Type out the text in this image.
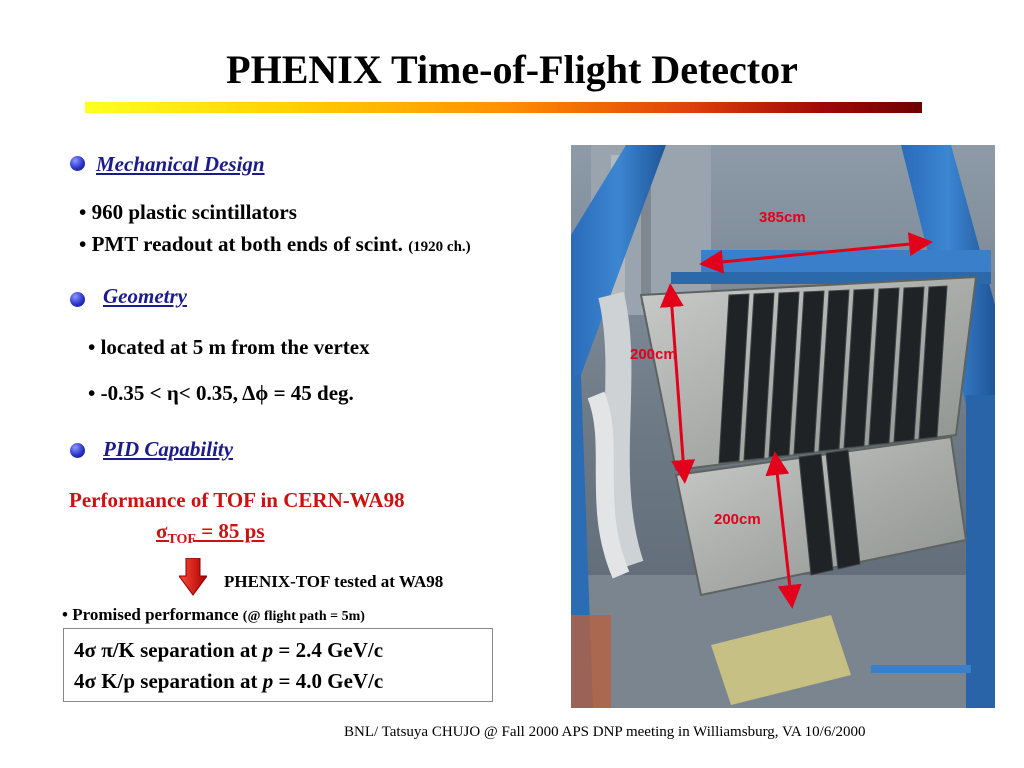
PHENIX Time-of-Flight Detector
Mechanical Design
• 960 plastic scintillators
• PMT readout at both ends of scint. (1920 ch.)
Geometry
• located at 5 m from the vertex
• -0.35 < η< 0.35, Δϕ = 45 deg.
PID Capability
Performance of TOF in CERN-WA98
$\sigma_{TOF} = 85$ ps
PHENIX-TOF tested at WA98
• Promised performance (@ flight path = 5m)
4σ π/K separation at p = 2.4 GeV/c
4σ K/p separation at p = 4.0 GeV/c
385cm
200cm
200cm
BNL/ Tatsuya CHUJO @ Fall 2000 APS DNP meeting in Williamsburg, VA 10/6/2000
